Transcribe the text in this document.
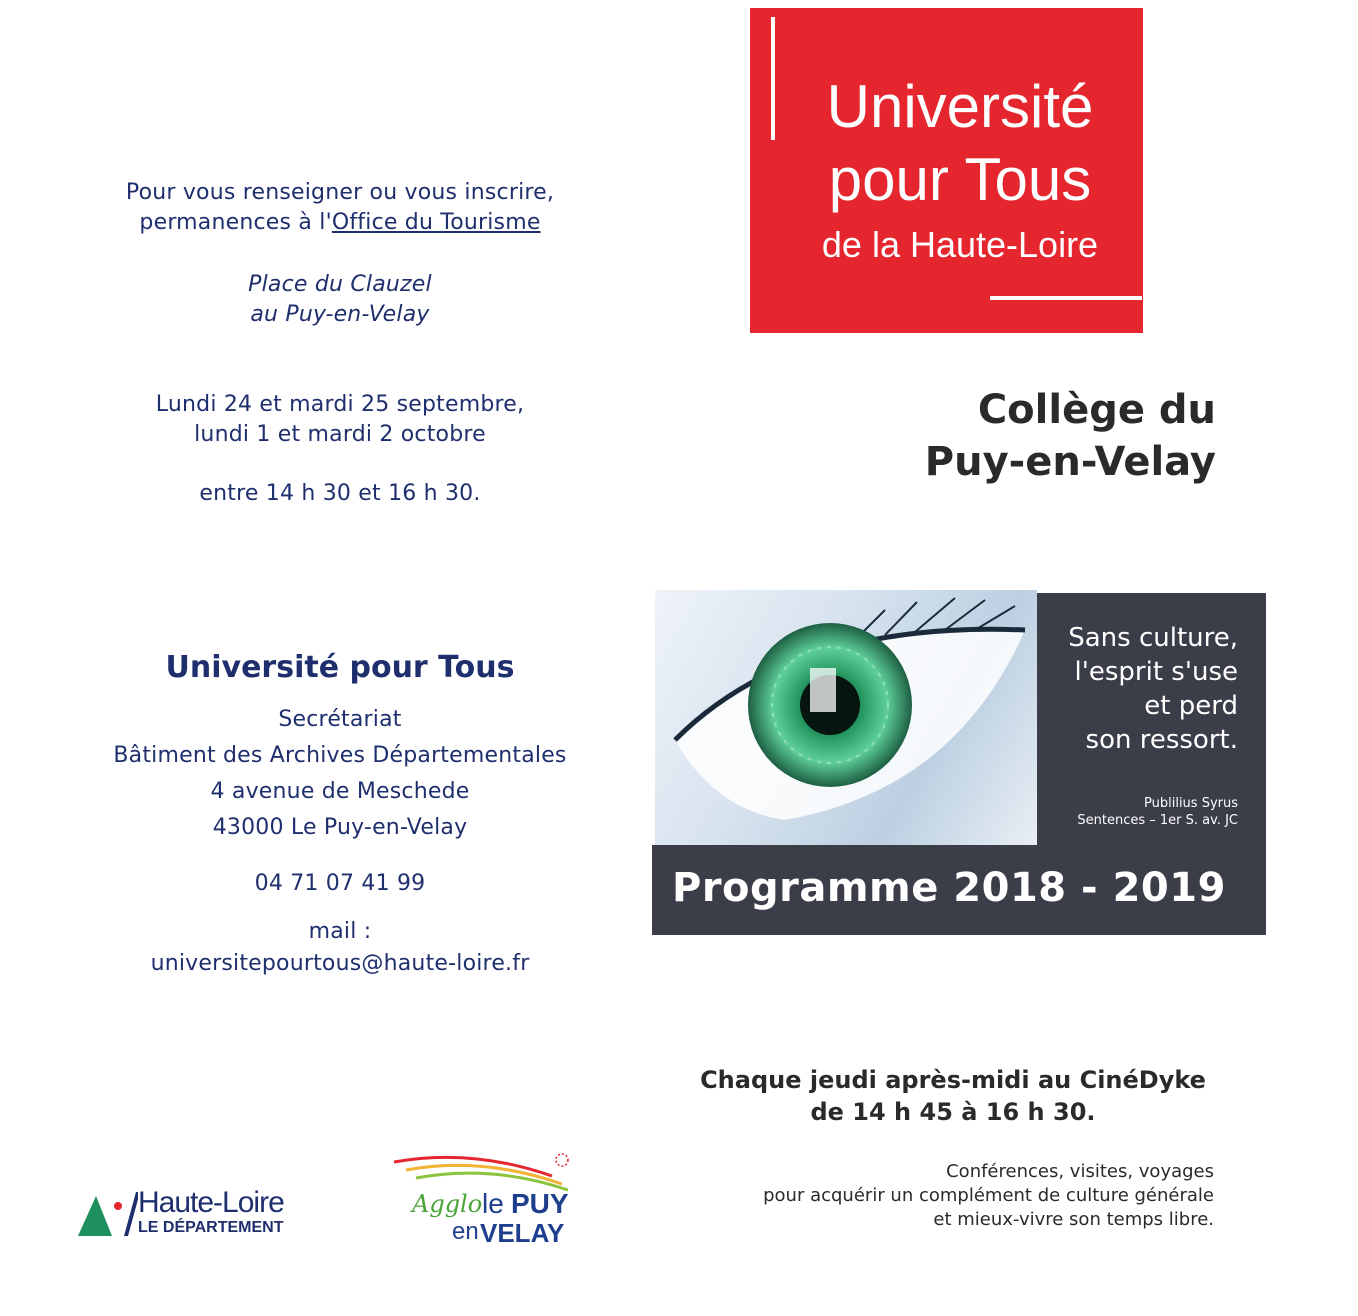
Pour vous renseigner ou vous inscrire,
permanences à l'Office du Tourisme
Place du Clauzel
au Puy-en-Velay
Lundi 24 et mardi 25 septembre,
lundi 1 et mardi 2 octobre
entre 14 h 30 et 16 h 30.
Université pour Tous
Secrétariat
Bâtiment des Archives Départementales
4 avenue de Meschede
43000 Le Puy-en-Velay
04 71 07 41 99
mail :
universitepourtous@haute-loire.fr
Haute-Loire
LE DÉPARTEMENT
Agglo le PUY
en VELAY
Université
pour Tous
de la Haute-Loire
Collège du
Puy-en-Velay
Sans culture,
l'esprit s'use
et perd
son ressort.
Publilius Syrus
Sentences – 1er S. av. JC
Programme 2018 - 2019
Chaque jeudi après-midi au CinéDyke
de 14 h 45 à 16 h 30.
Conférences, visites, voyages
pour acquérir un complément de culture générale
et mieux-vivre son temps libre.
